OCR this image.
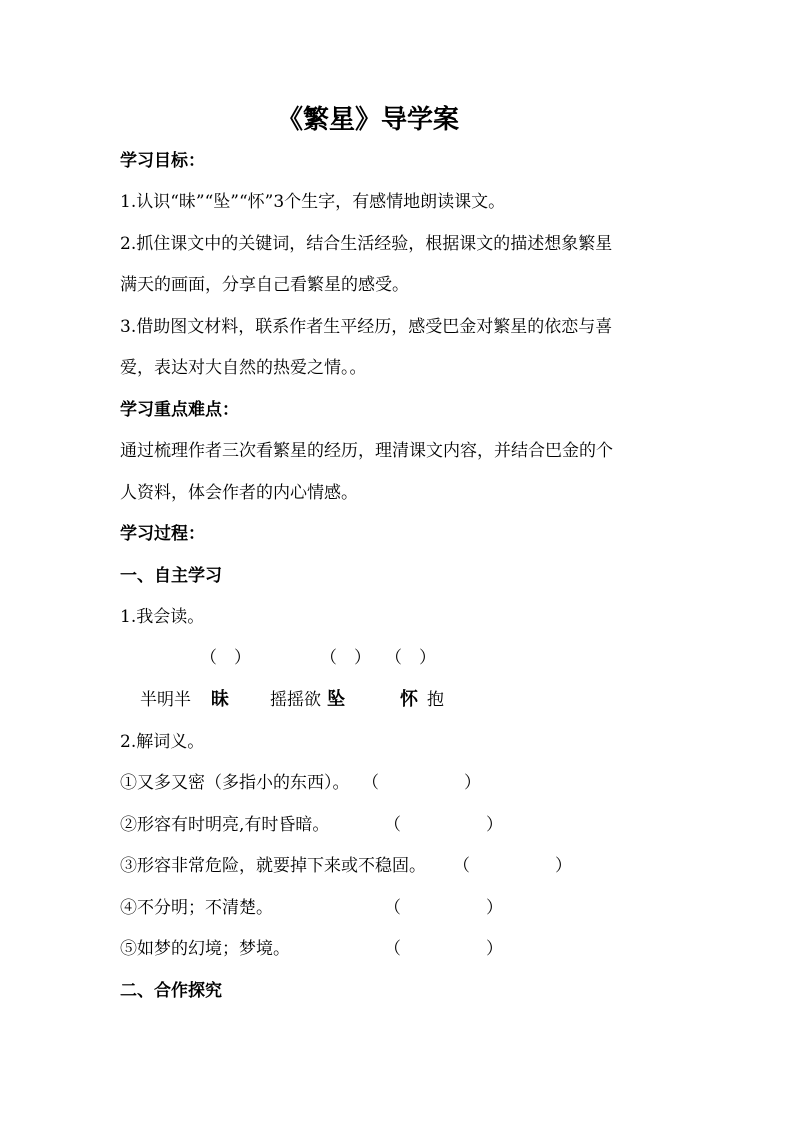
《繁星》导学案
学习目标：
1.认识“昧”“坠”“怀”3个生字，有感情地朗读课文。
2.抓住课文中的关键词，结合生活经验，根据课文的描述想象繁星
满天的画面，分享自己看繁星的感受。
3.借助图文材料，联系作者生平经历，感受巴金对繁星的依恋与喜
爱，表达对大自然的热爱之情。。
学习重点难点：
通过梳理作者三次看繁星的经历，理清课文内容，并结合巴金的个
人资料，体会作者的内心情感。
学习过程：
一、自主学习
1.我会读。
（　）	（　） （　）
半明半 昧 摇摇欲 坠	怀 抱
2.解词义。
①又多又密（多指小的东西）。 （　　　　　）
②形容有时明亮,有时昏暗。	（　　　　　）
③形容非常危险，就要掉下来或不稳固。 （　　　　　）
④不分明；不清楚。	（　　　　　）
⑤如梦的幻境；梦境。	（　　　　　）
二、合作探究
